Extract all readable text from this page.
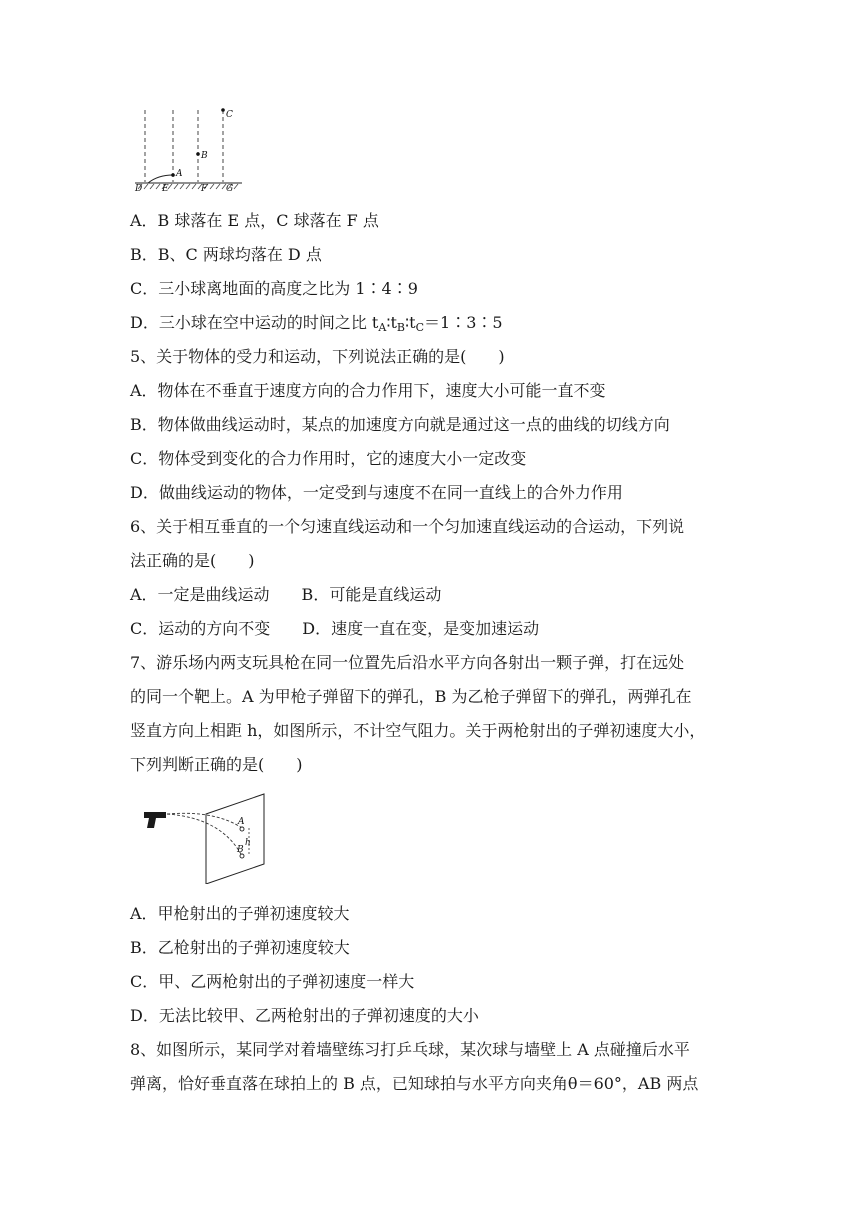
A
B
C
D E	F G
A．B 球落在 E 点，C 球落在 F 点
B．B、C 两球均落在 D 点
C．三小球离地面的高度之比为 1∶4∶9
D．三小球在空中运动的时间之比 $t_A∶t_B∶t_C=1∶3∶5$
5、关于物体的受力和运动，下列说法正确的是(　　)
A．物体在不垂直于速度方向的合力作用下，速度大小可能一直不变
B．物体做曲线运动时，某点的加速度方向就是通过这一点的曲线的切线方向
C．物体受到变化的合力作用时，它的速度大小一定改变
D．做曲线运动的物体，一定受到与速度不在同一直线上的合外力作用
6、关于相互垂直的一个匀速直线运动和一个匀加速直线运动的合运动，下列说
法正确的是(　　)
A．一定是曲线运动　　B．可能是直线运动
C．运动的方向不变　　D．速度一直在变，是变加速运动
7、游乐场内两支玩具枪在同一位置先后沿水平方向各射出一颗子弹，打在远处
的同一个靶上。A 为甲枪子弹留下的弹孔，B 为乙枪子弹留下的弹孔，两弹孔在
竖直方向上相距 h，如图所示，不计空气阻力。关于两枪射出的子弹初速度大小，
下列判断正确的是(　　)
A
h
B
A．甲枪射出的子弹初速度较大
B．乙枪射出的子弹初速度较大
C．甲、乙两枪射出的子弹初速度一样大
D．无法比较甲、乙两枪射出的子弹初速度的大小
8、如图所示，某同学对着墙壁练习打乒乓球，某次球与墙壁上 A 点碰撞后水平
弹离，恰好垂直落在球拍上的 B 点，已知球拍与水平方向夹角θ＝60°，AB 两点
